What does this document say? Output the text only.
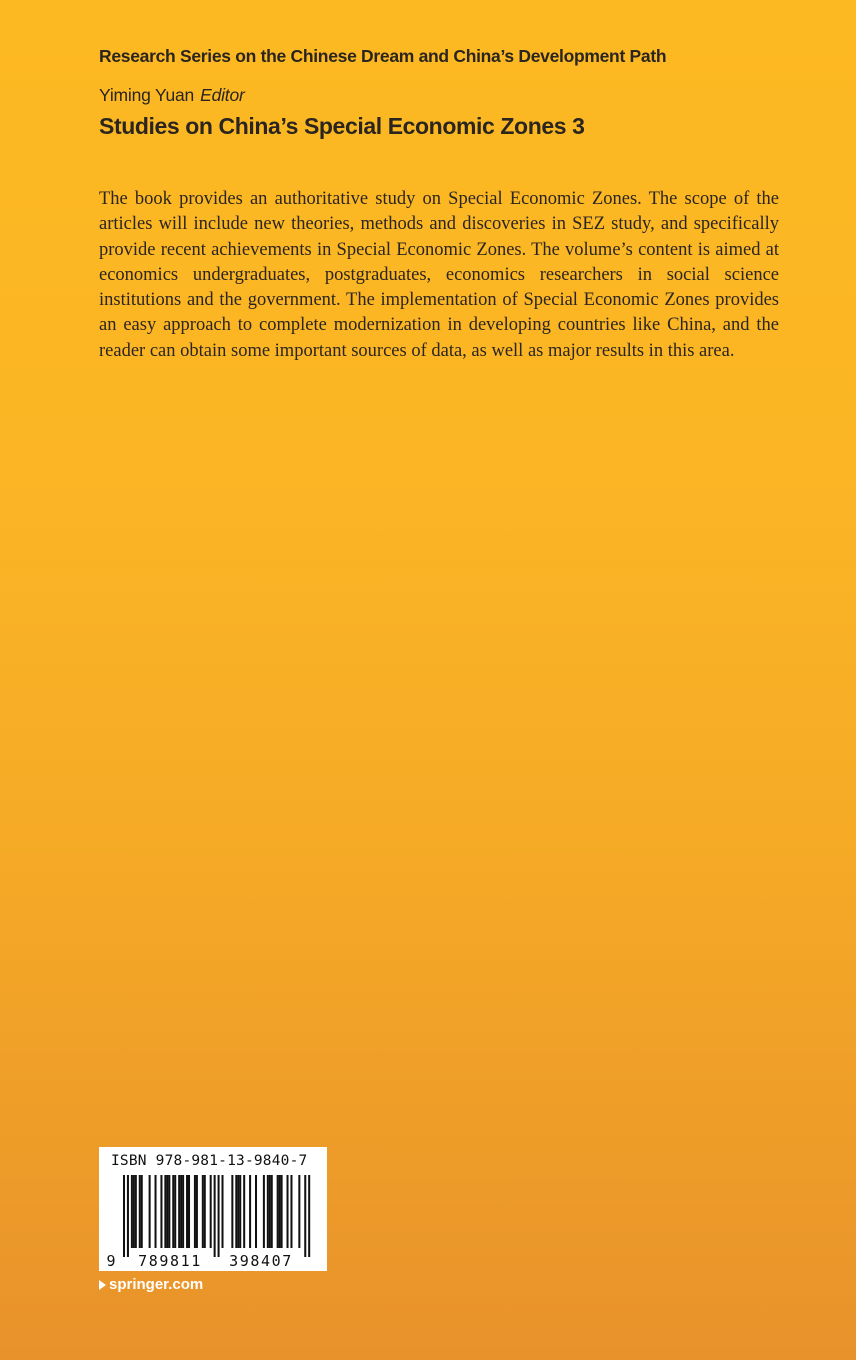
Research Series on the Chinese Dream and China’s Development Path
Yiming Yuan Editor
Studies on China’s Special Economic Zones 3

The book provides an authoritative study on Special Economic Zones. The scope of the articles will include new theories, methods and discoveries in SEZ study, and specifically provide recent achievements in Special Economic Zones. The volume’s content is aimed at economics undergraduates, postgraduates, economics researchers in social science institutions and the government. The implementation of Special Economic Zones provides an easy approach to complete modernization in developing countries like China, and the reader can obtain some important sources of data, as well as major results in this area.

ISBN 978-981-13-9840-7
9 789811 398407
springer.com
